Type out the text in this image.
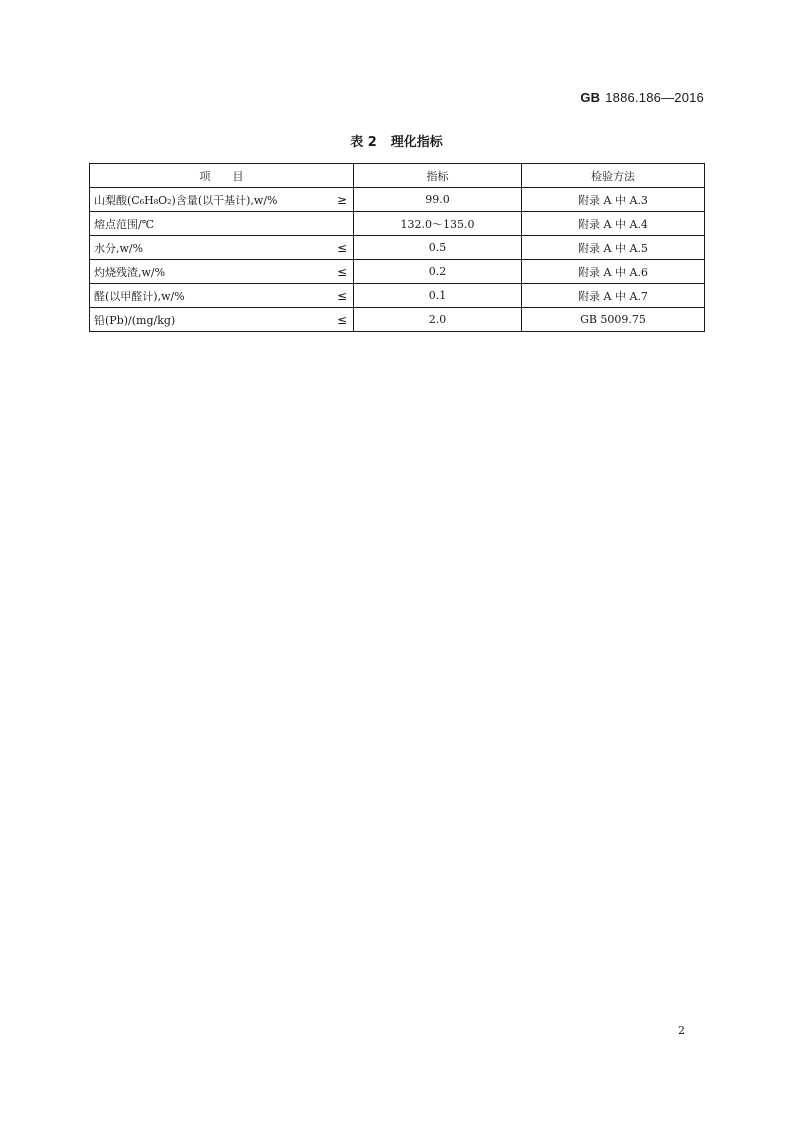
GB 1886.186—2016
表 2 理化指标
项　　目	指标	检验方法

山梨酸(C₆H₈O₂)含量(以干基计),w/% ≥	99.0	附录 A 中 A.3

熔点范围/℃	132.0～135.0	附录 A 中 A.4

水分,w/% ≤	0.5	附录 A 中 A.5

灼烧残渣,w/% ≤	0.2	附录 A 中 A.6

醛(以甲醛计),w/% ≤	0.1	附录 A 中 A.7

铅(Pb)/(mg/kg) ≤	2.0	GB 5009.75
2
